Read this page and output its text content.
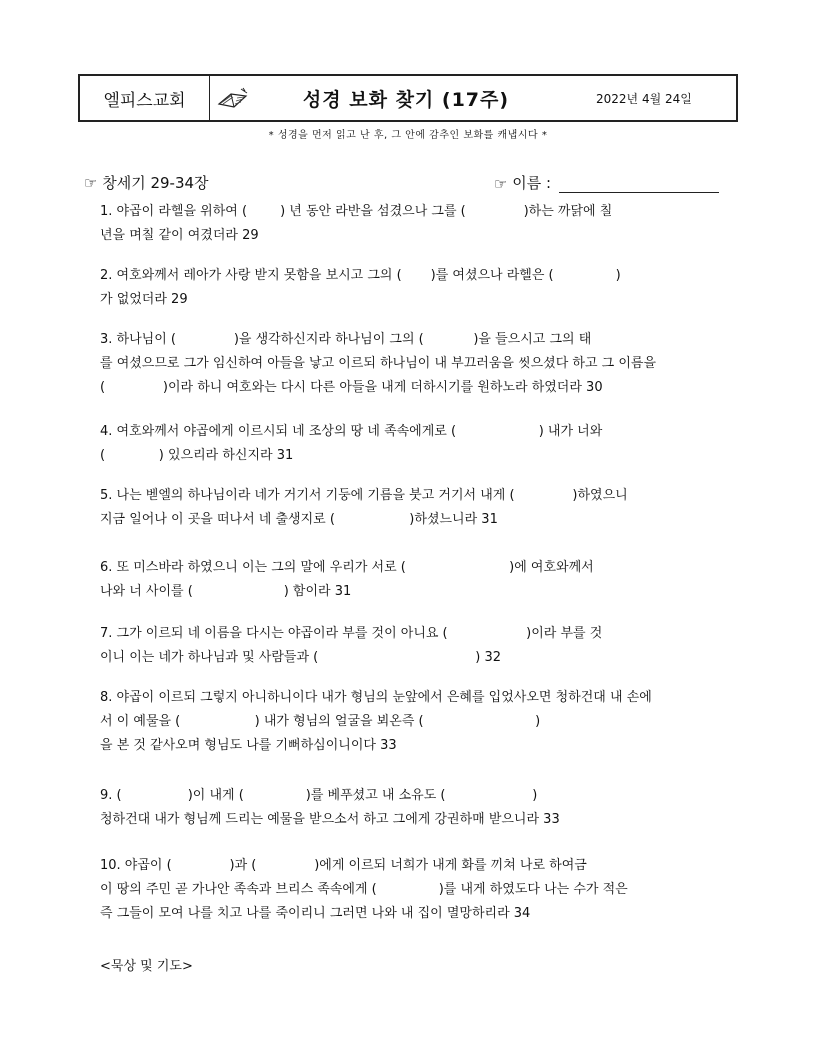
엘피스교회	성경 보화 찾기 (17주)	2022년 4월 24일
* 성경을 먼저 읽고 난 후, 그 안에 감추인 보화를 캐냅시다 *
☞ 창세기 29-34장	☞
이름 :
1. 야곱이 라헬을 위하여 (        ) 년 동안 라반을 섬겼으나 그를 (              )하는 까닭에 칠
년을 며칠 같이 여겼더라 29
2. 여호와께서 레아가 사랑 받지 못함을 보시고 그의 (       )를 여셨으나 라헬은 (               )
가 없었더라 29
3. 하나님이 (              )을 생각하신지라 하나님이 그의 (            )을 들으시고 그의 태
를 여셨으므로 그가 임신하여 아들을 낳고 이르되 하나님이 내 부끄러움을 씻으셨다 하고 그 이름을
(              )이라 하니 여호와는 다시 다른 아들을 내게 더하시기를 원하노라 하였더라 30
4. 여호와께서 야곱에게 이르시되 네 조상의 땅 네 족속에게로 (                    ) 내가 너와
(             ) 있으리라 하신지라 31
5. 나는 벧엘의 하나님이라 네가 거기서 기둥에 기름을 붓고 거기서 내게 (              )하였으니
지금 일어나 이 곳을 떠나서 네 출생지로 (                  )하셨느니라 31
6. 또 미스바라 하였으니 이는 그의 말에 우리가 서로 (                         )에 여호와께서
나와 너 사이를 (                      ) 함이라 31
7. 그가 이르되 네 이름을 다시는 야곱이라 부를 것이 아니요 (                   )이라 부를 것
이니 이는 네가 하나님과 및 사람들과 (                                      ) 32
8. 야곱이 이르되 그렇지 아니하니이다 내가 형님의 눈앞에서 은혜를 입었사오면 청하건대 내 손에
서 이 예물을 (                  ) 내가 형님의 얼굴을 뵈온즉 (                           )
을 본 것 같사오며 형님도 나를 기뻐하심이니이다 33
9. (                )이 내게 (               )를 베푸셨고 내 소유도 (                     )
청하건대 내가 형님께 드리는 예물을 받으소서 하고 그에게 강권하매 받으니라 33
10. 야곱이 (              )과 (              )에게 이르되 너희가 내게 화를 끼쳐 나로 하여금
이 땅의 주민 곧 가나안 족속과 브리스 족속에게 (               )를 내게 하였도다 나는 수가 적은
즉 그들이 모여 나를 치고 나를 죽이리니 그러면 나와 내 집이 멸망하리라 34
<묵상 및 기도>
